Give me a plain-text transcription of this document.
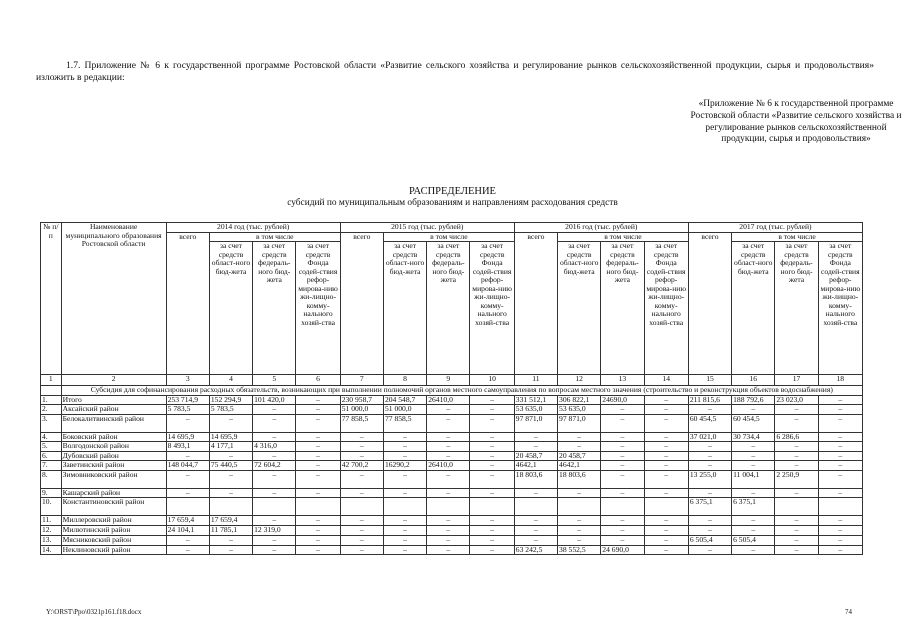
1.7. Приложение № 6 к государственной программе Ростовской области «Развитие сельского хозяйства и регулирование рынков сельскохозяйственной продукции, сырья и продовольствия» изложить в редакции:
«Приложение № 6 к государственной программе Ростовской области «Развитие сельского хозяйства и регулирование рынков сельскохозяйственной продукции, сырья и продовольствия»
РАСПРЕДЕЛЕНИЕ
субсидий по муниципальным образованиям и направлениям расходования средств
№ п/п	Наименование муниципального образования Ростовской области	2014 год (тыс. рублей)				2015 год (тыс. рублей)				2016 год (тыс. рублей)				2017 год (тыс. рублей)			
		всего	в том числе			всего	в том числе			всего	в том числе			всего	в том числе		
			за счет средств област-ного бюд-жета	за счет средств федераль-ного бюд-жета	за счет средств Фонда содей-ствия рефор-мирова-нию жи-лищно-комму-нального хозяй-ства		за счет средств област-ного бюд-жета	за счет средств федераль-ного бюд-жета	за счет средств Фонда содей-ствия рефор-мирова-нию жи-лищно-комму-нального хозяй-ства		за счет средств област-ного бюд-жета	за счет средств федераль-ного бюд-жета	за счет средств Фонда содей-ствия рефор-мирова-нию жи-лищно-комму-нального хозяй-ства		за счет средств област-ного бюд-жета	за счет средств федераль-ного бюд-жета	за счет средств Фонда содей-ствия рефор-мирова-нию жи-лищно-комму-нального хозяй-ства
1	2	3	4	5	6	7	8	9	10	11	12	13	14	15	16	17	18
	Субсидия для софинансирования расходных обязательств, возникающих при выполнении полномочий органов местного самоуправления по вопросам местного значения (строительство и реконструкция объектов водоснабжения)																
1.	Итого	253 714,9	152 294,9	101 420,0	–	230 958,7	204 548,7	26410,0	–	331 512,1	306 822,1	24690,0	–	211 815,6	188 792,6	23 023,0	–
2.	Аксайский район	5 783,5	5 783,5	–	–	51 000,0	51 000,0	–	–	53 635,0	53 635,0	–	–	–	–	–	–
3.	Белокалитвинский район	–	–	–	–	77 858,5	77 858,5	–	–	97 871,0	97 871,0	–	–	60 454,5	60 454,5	–	–
4.	Боковский район	14 695,9	14 695,9	–	–	–	–	–	–	–	–	–	–	37 021,0	30 734,4	6 286,6	–
5.	Волгодонской район	8 493,1	4 177,1	4 316,0	–	–	–	–	–	–	–	–	–	–	–	–	–
6.	Дубовский район	–	–	–	–	–	–	–	–	20 458,7	20 458,7	–	–	–	–	–	–
7.	Заветинский район	148 044,7	75 440,5	72 604,2	–	42 700,2	16290,2	26410,0	–	4642,1	4642,1	–	–	–	–	–	–
8.	Зимовниковский район	–	–	–	–	–	–	–	–	18 803,6	18 803,6	–	–	13 255,0	11 004,1	2 250,9	–
9.	Кашарский район	–	–	–	–	–	–	–	–	–	–	–	–	–	–	–	–
10.	Константиновский район													6 375,1	6 375,1		
11.	Миллеровский район	17 659,4	17 659,4	–	–	–	–	–	–	–	–	–	–	–	–	–	–
12.	Милютинский район	24 104,1	11 785,1	12 319,0	–	–	–	–	–	–	–	–	–	–	–	–	–
13.	Мясниковский район	–	–	–	–	–	–	–	–	–	–	–	–	6 505,4	6 505,4	–	–
14.	Неклиновский район	–	–	–	–	–	–	–	–	63 242,5	38 552,5	24 690,0	–	–	–	–	–
Y:\ORST\Ppo\0321p161.f18.docx	74
